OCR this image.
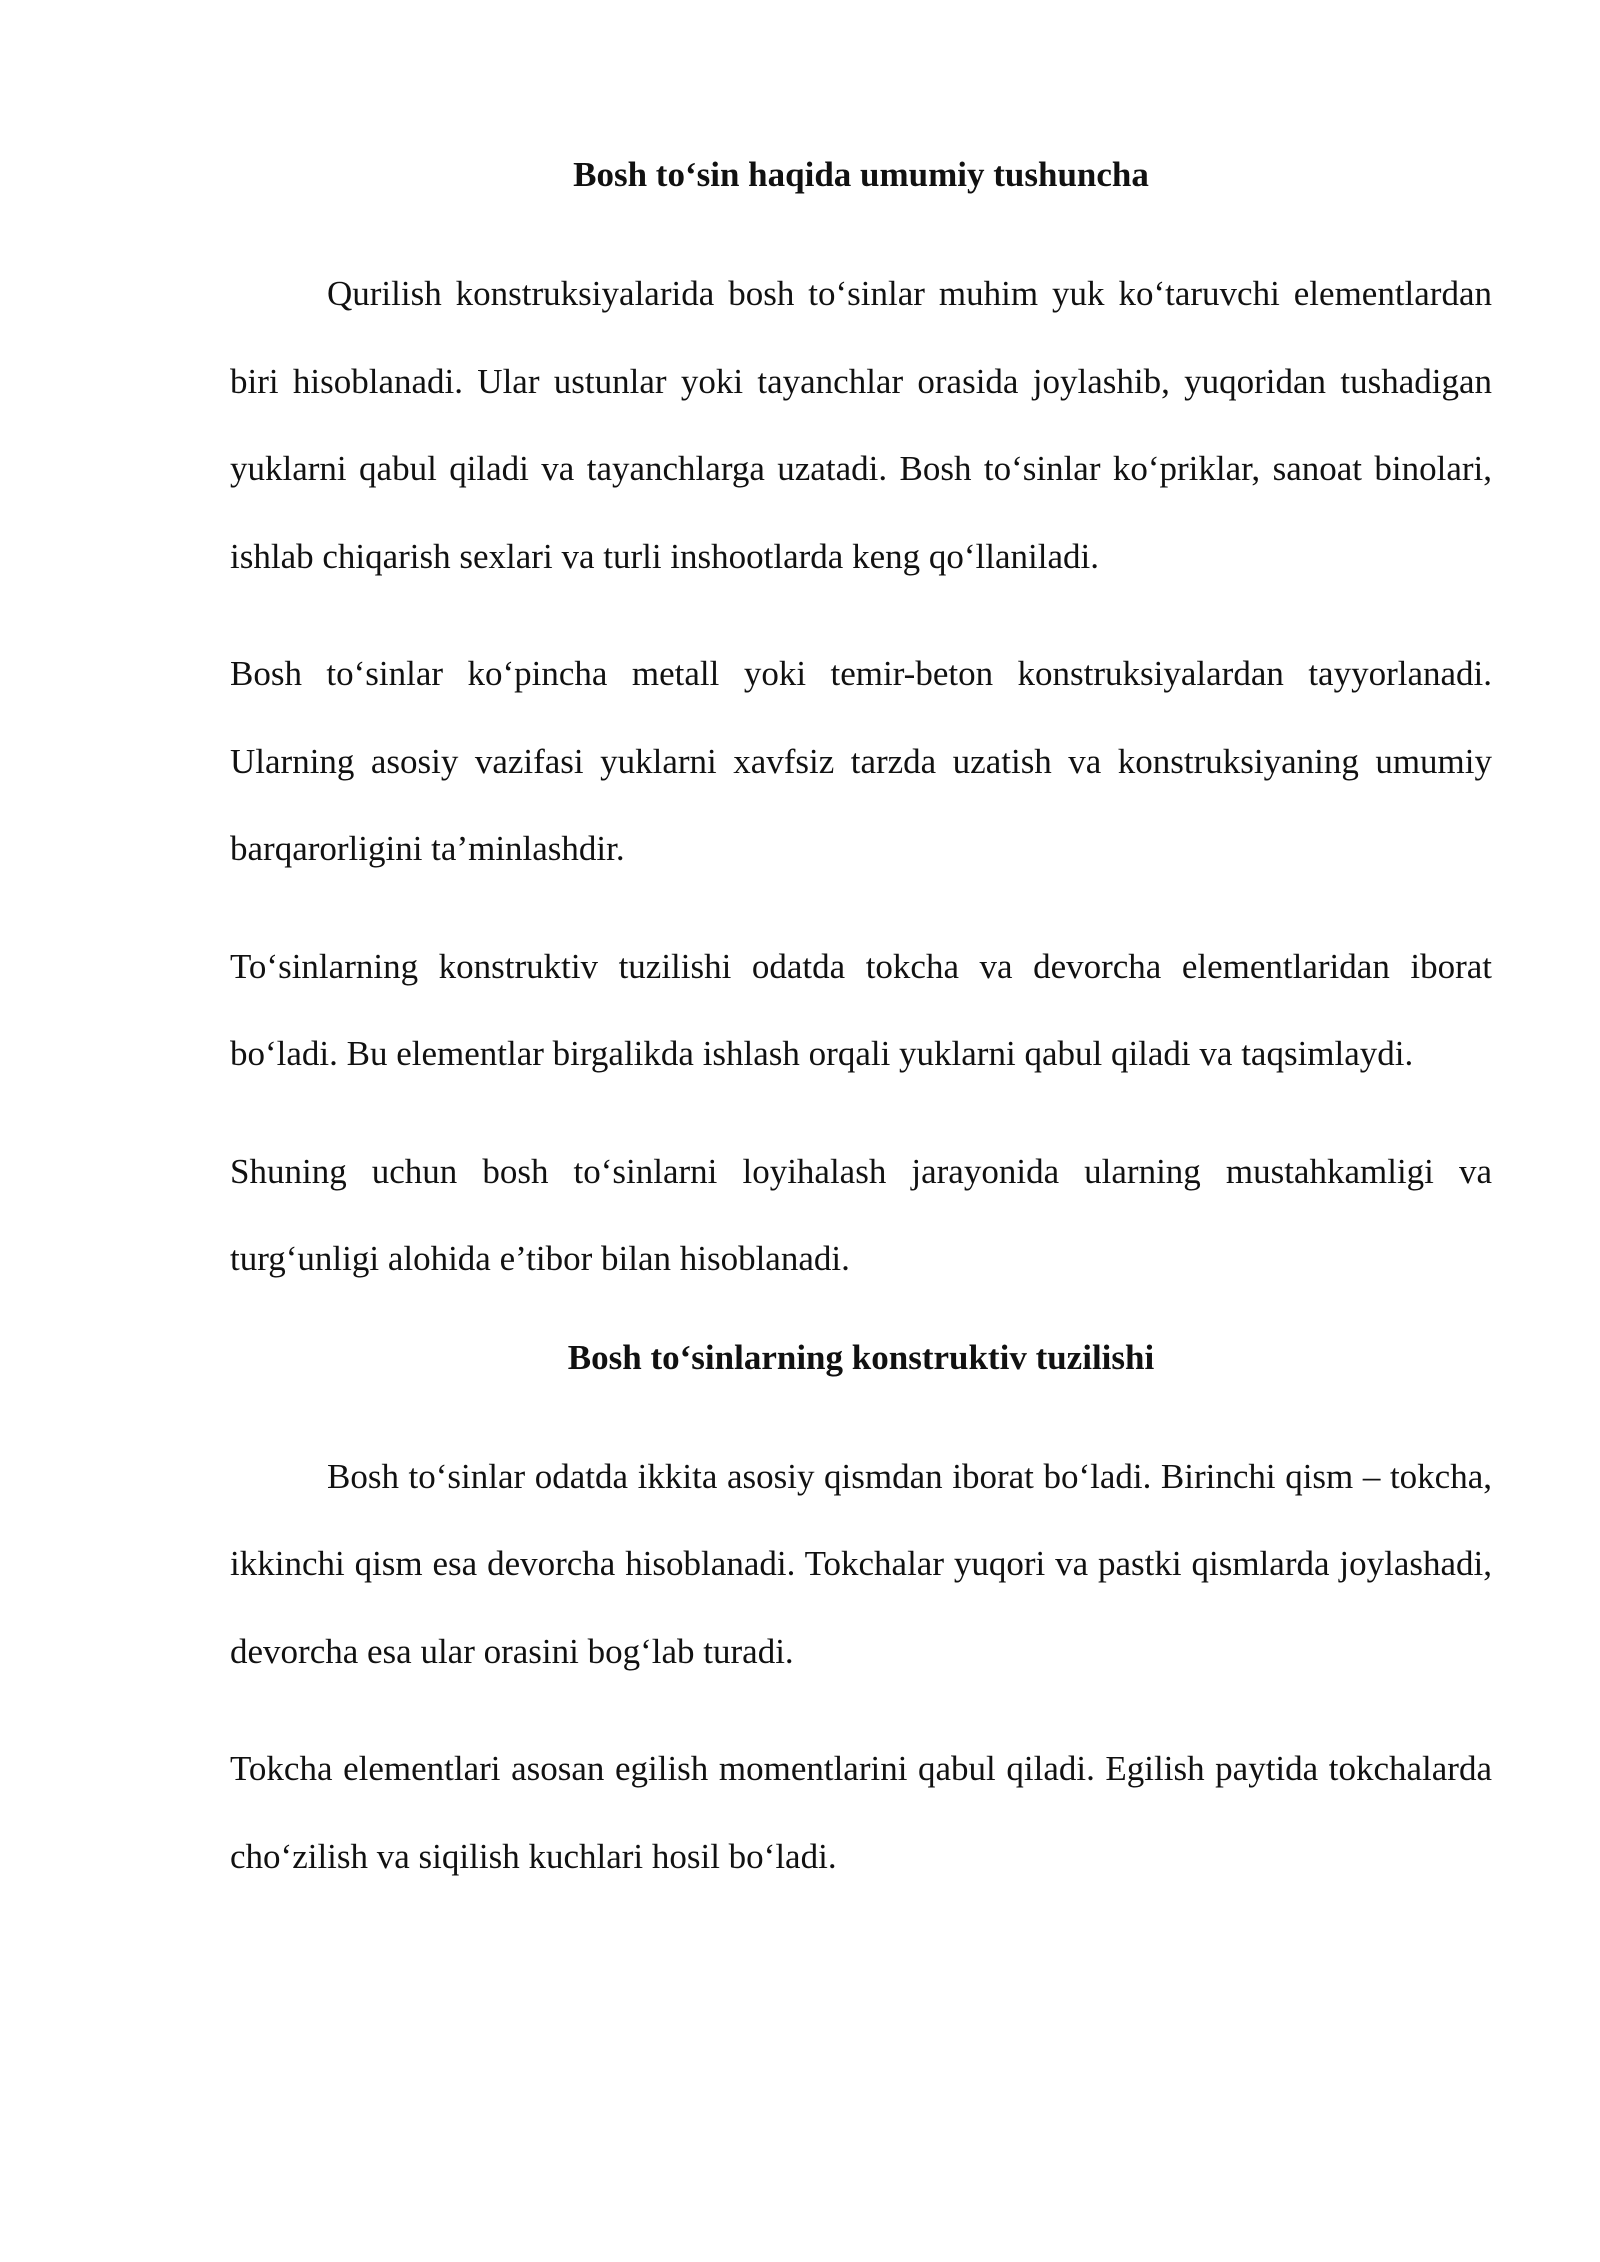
Bosh to‘sin haqida umumiy tushuncha

Qurilish konstruksiyalarida bosh to‘sinlar muhim yuk ko‘taruvchi elementlardan biri hisoblanadi. Ular ustunlar yoki tayanchlar orasida joylashib, yuqoridan tushadigan yuklarni qabul qiladi va tayanchlarga uzatadi. Bosh to‘sinlar ko‘priklar, sanoat binolari, ishlab chiqarish sexlari va turli inshootlarda keng qo‘llaniladi.

Bosh to‘sinlar ko‘pincha metall yoki temir-beton konstruksiyalardan tayyorlanadi. Ularning asosiy vazifasi yuklarni xavfsiz tarzda uzatish va konstruksiyaning umumiy barqarorligini ta’minlashdir.

To‘sinlarning konstruktiv tuzilishi odatda tokcha va devorcha elementlaridan iborat bo‘ladi. Bu elementlar birgalikda ishlash orqali yuklarni qabul qiladi va taqsimlaydi.

Shuning uchun bosh to‘sinlarni loyihalash jarayonida ularning mustahkamligi va turg‘unligi alohida e’tibor bilan hisoblanadi.

Bosh to‘sinlarning konstruktiv tuzilishi

Bosh to‘sinlar odatda ikkita asosiy qismdan iborat bo‘ladi. Birinchi qism – tokcha, ikkinchi qism esa devorcha hisoblanadi. Tokchalar yuqori va pastki qismlarda joylashadi, devorcha esa ular orasini bog‘lab turadi.

Tokcha elementlari asosan egilish momentlarini qabul qiladi. Egilish paytida tokchalarda cho‘zilish va siqilish kuchlari hosil bo‘ladi.
